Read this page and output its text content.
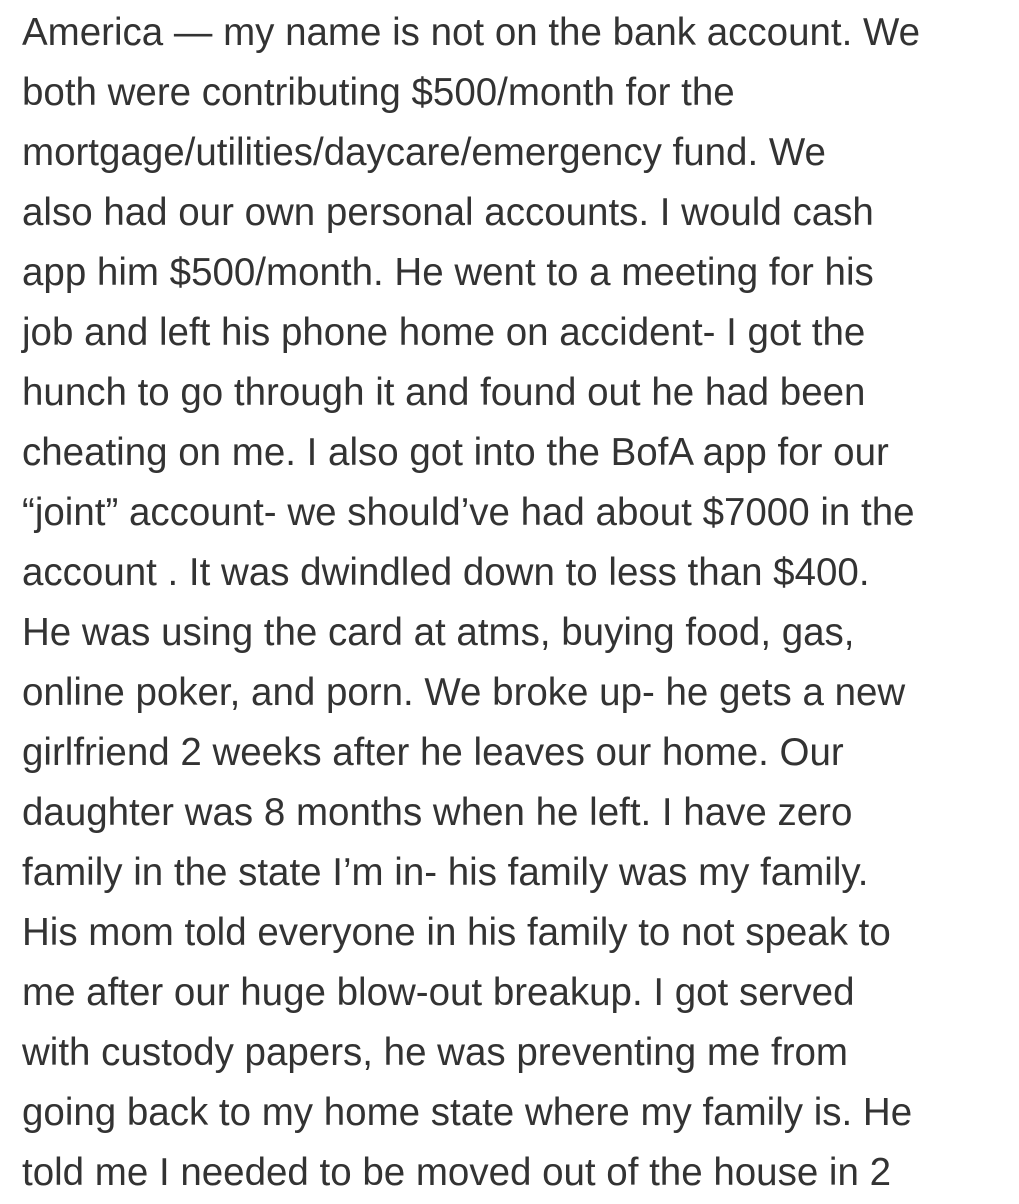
America — my name is not on the bank account. We
both were contributing $500/month for the
mortgage/utilities/daycare/emergency fund. We
also had our own personal accounts. I would cash
app him $500/month. He went to a meeting for his
job and left his phone home on accident- I got the
hunch to go through it and found out he had been
cheating on me. I also got into the BofA app for our
“joint” account- we should’ve had about $7000 in the
account . It was dwindled down to less than $400.
He was using the card at atms, buying food, gas,
online poker, and porn. We broke up- he gets a new
girlfriend 2 weeks after he leaves our home. Our
daughter was 8 months when he left. I have zero
family in the state I’m in- his family was my family.
His mom told everyone in his family to not speak to
me after our huge blow-out breakup. I got served
with custody papers, he was preventing me from
going back to my home state where my family is. He
told me I needed to be moved out of the house in 2
